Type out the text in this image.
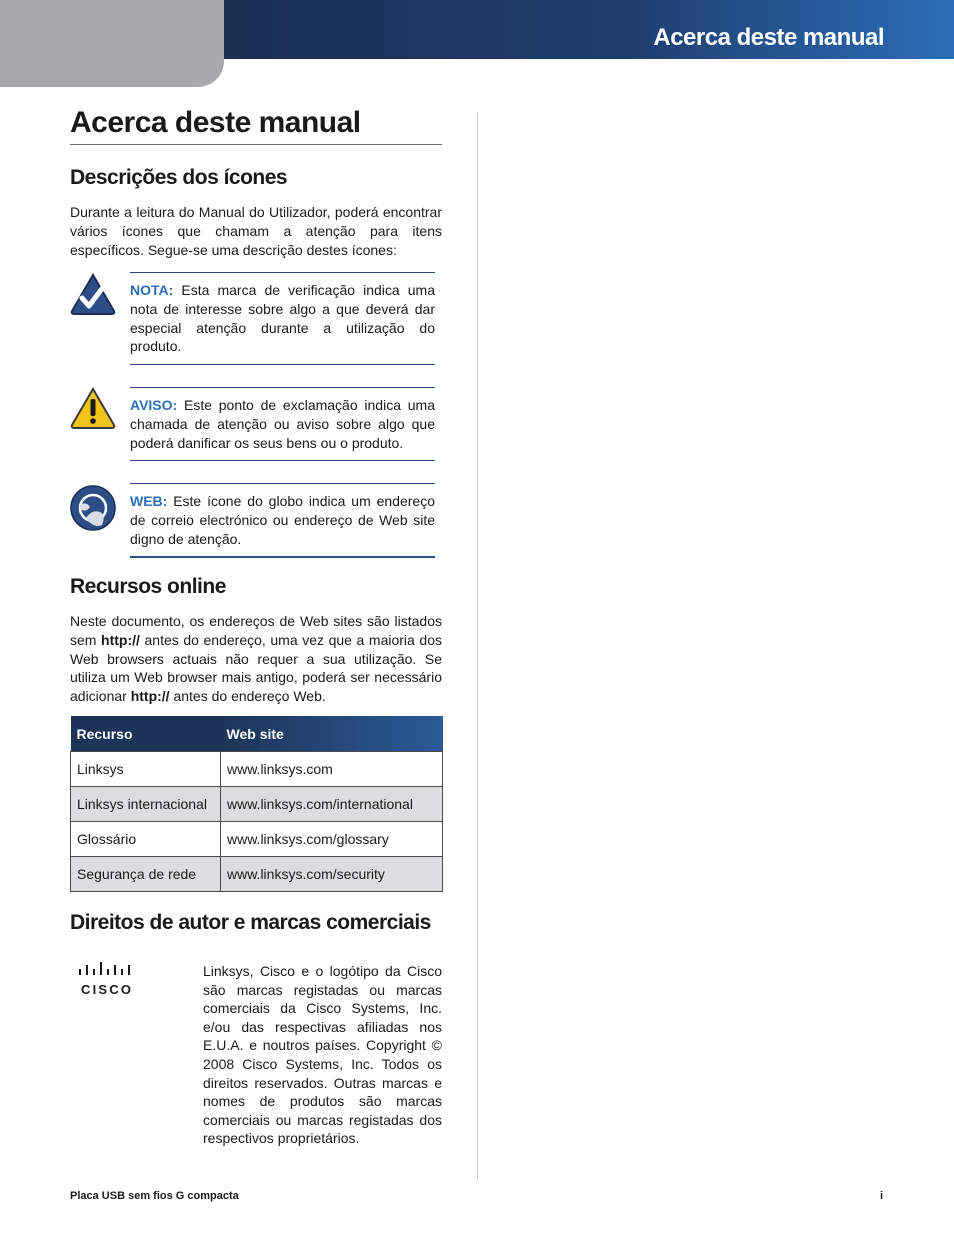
Acerca deste manual
Acerca deste manual
Descrições dos ícones

Durante a leitura do Manual do Utilizador, poderá encontrar vários ícones que chamam a atenção para itens específicos. Segue-se uma descrição destes ícones:

NOTA: Esta marca de verificação indica uma nota de interesse sobre algo a que deverá dar especial atenção durante a utilização do produto.
AVISO: Este ponto de exclamação indica uma chamada de atenção ou aviso sobre algo que poderá danificar os seus bens ou o produto.
WEB: Este ícone do globo indica um endereço de correio electrónico ou endereço de Web site digno de atenção.
Recursos online

Neste documento, os endereços de Web sites são listados sem http:// antes do endereço, uma vez que a maioria dos Web browsers actuais não requer a sua utilização. Se utiliza um Web browser mais antigo, poderá ser necessário adicionar http:// antes do endereço Web.

Recurso	Web site
Linksys	www.linksys.com
Linksys internacional	www.linksys.com/international
Glossário	www.linksys.com/glossary
Segurança de rede	www.linksys.com/security
Direitos de autor e marcas comerciais
CISCO

Linksys, Cisco e o logótipo da Cisco são marcas registadas ou marcas comerciais da Cisco Systems, Inc. e/ou das respectivas afiliadas nos E.U.A. e noutros países. Copyright © 2008 Cisco Systems, Inc. Todos os direitos reservados. Outras marcas e nomes de produtos são marcas comerciais ou marcas registadas dos respectivos proprietários.

Placa USB sem fios G compacta	i
